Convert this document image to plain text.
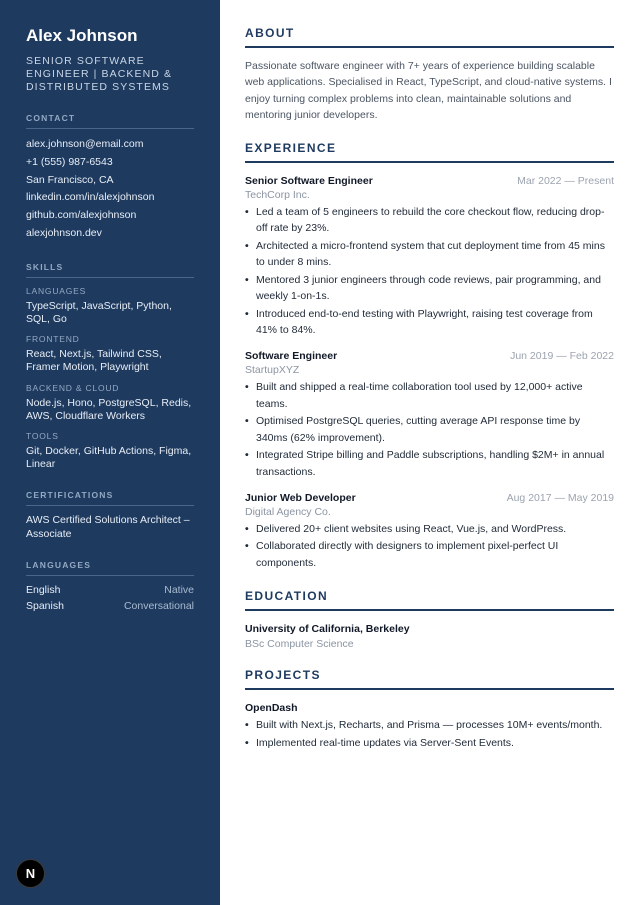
Alex Johnson
SENIOR SOFTWARE ENGINEER | BACKEND & DISTRIBUTED SYSTEMS
CONTACT
alex.johnson@email.com
+1 (555) 987-6543
San Francisco, CA
linkedin.com/in/alexjohnson
github.com/alexjohnson
alexjohnson.dev
SKILLS
LANGUAGES
TypeScript, JavaScript, Python, SQL, Go
FRONTEND
React, Next.js, Tailwind CSS, Framer Motion, Playwright
BACKEND & CLOUD
Node.js, Hono, PostgreSQL, Redis, AWS, Cloudflare Workers
TOOLS
Git, Docker, GitHub Actions, Figma, Linear
CERTIFICATIONS
AWS Certified Solutions Architect – Associate
LANGUAGES
English	Native
Spanish	Conversational
N
ABOUT

Passionate software engineer with 7+ years of experience building scalable web applications. Specialised in React, TypeScript, and cloud-native systems. I enjoy turning complex problems into clean, maintainable solutions and mentoring junior developers.

EXPERIENCE
Senior Software Engineer	Mar 2022 — Present
TechCorp Inc.
• Led a team of 5 engineers to rebuild the core checkout flow, reducing drop-off rate by 23%.
• Architected a micro-frontend system that cut deployment time from 45 mins to under 8 mins.
• Mentored 3 junior engineers through code reviews, pair programming, and weekly 1-on-1s.
• Introduced end-to-end testing with Playwright, raising test coverage from 41% to 84%.
Software Engineer	Jun 2019 — Feb 2022
StartupXYZ
• Built and shipped a real-time collaboration tool used by 12,000+ active teams.
• Optimised PostgreSQL queries, cutting average API response time by 340ms (62% improvement).
• Integrated Stripe billing and Paddle subscriptions, handling $2M+ in annual transactions.
Junior Web Developer	Aug 2017 — May 2019
Digital Agency Co.
• Delivered 20+ client websites using React, Vue.js, and WordPress.
• Collaborated directly with designers to implement pixel-perfect UI components.
EDUCATION
University of California, Berkeley
BSc Computer Science
PROJECTS
OpenDash
• Built with Next.js, Recharts, and Prisma — processes 10M+ events/month.
• Implemented real-time updates via Server-Sent Events.
